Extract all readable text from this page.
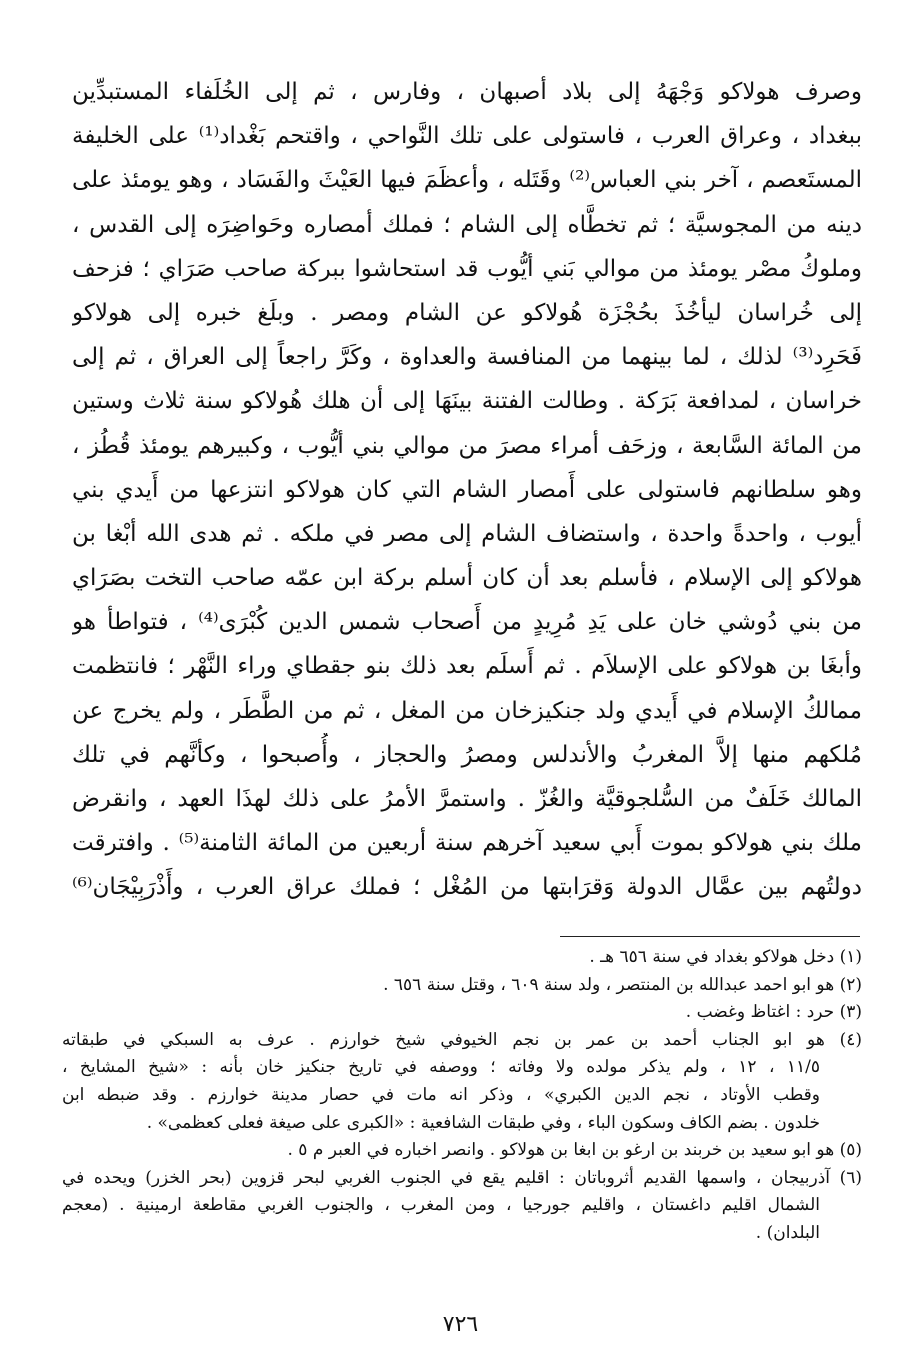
وصرف هولاكو وَجْهَهُ إلى بلاد أصبهان ، وفارس ، ثم إلى الخُلَفاء المستبدِّين
ببغداد ، وعراق العرب ، فاستولى على تلك النَّواحي ، واقتحم بَغْداد⁽¹⁾ على الخليفة
المستَعصم ، آخر بني العباس⁽²⁾ وقَتَله ، وأعظَمَ فيها العَيْثَ والفَسَاد ، وهو يومئذ على
دينه من المجوسيَّة ؛ ثم تخطَّاه إلى الشام ؛ فملك أمصاره وحَواضِرَه إلى القدس ،
وملوكُ مصْر يومئذ من موالي بَني أيُّوب قد استحاشوا ببركة صاحب صَرَاي ؛ فزحف
إلى خُراسان ليأخُذَ بحُجْزَة هُولاكو عن الشام ومصر . وبلَغ خبره إلى هولاكو
فَحَرِد⁽³⁾ لذلك ، لما بينهما من المنافسة والعداوة ، وكَرَّ راجعاً إلى العراق ، ثم إلى
خراسان ، لمدافعة بَرَكة . وطالت الفتنة بينَهَا إلى أن هلك هُولاكو سنة ثلاث وستين
من المائة السَّابعة ، وزحَف أمراء مصرَ من موالي بني أيُّوب ، وكبيرهم يومئذ قُطُز ،
وهو سلطانهم فاستولى على أَمصار الشام التي كان هولاكو انتزعها من أَيدي بني
أيوب ، واحدةً واحدة ، واستضاف الشام إلى مصر في ملكه . ثم هدى الله أبْغا بن
هولاكو إلى الإسلام ، فأسلم بعد أن كان أسلم بركة ابن عمّه صاحب التخت بصَرَاي
من بني دُوشي خان على يَدِ مُرِيدٍ من أَصحاب شمس الدين كُبْرَى⁽⁴⁾ ، فتواطأ هو
وأبغَا بن هولاكو على الإسلاَم . ثم أَسلَم بعد ذلك بنو جقطاي وراء النَّهْر ؛ فانتظمت
ممالكُ الإسلام في أَيدي ولد جنكيزخان من المغل ، ثم من الطَّطَر ، ولم يخرج عن
مُلكهم منها إلاَّ المغربُ والأندلس ومصرُ والحجاز ، وأُصبحوا ، وكأنَّهم في تلك
المالك خَلَفٌ من السُّلجوقيَّة والغُزّ . واستمرَّ الأمرُ على ذلك لهذَا العهد ، وانقرض
ملك بني هولاكو بموت أَبي سعيد آخرهم سنة أربعين من المائة الثامنة⁽⁵⁾ . وافترقت
دولتُهم بين عمَّال الدولة وَقرَابتها من المُغْل ؛ فملك عراق العرب ، وأَذْرَبِيْجَان⁽⁶⁾
(١) دخل هولاكو بغداد في سنة ٦٥٦ هـ .
(٢) هو ابو احمد عبدالله بن المنتصر ، ولد سنة ٦٠٩ ، وقتل سنة ٦٥٦ .
(٣) حرد : اغتاظ وغضب .
(٤) هو ابو الجناب أحمد بن عمر بن نجم الخيوفي شيخ خوارزم . عرف به السبكي في طبقاته
١١/٥ ، ١٢ ، ولم يذكر مولده ولا وفاته ؛ ووصفه في تاريخ جنكيز خان بأنه : «شيخ المشايخ ،
وقطب الأوتاد ، نجم الدين الكبري» ، وذكر انه مات في حصار مدينة خوارزم . وقد ضبطه ابن
خلدون . بضم الكاف وسكون الباء ، وفي طبقات الشافعية : «الكبرى على صيغة فعلى كعظمى» .
(٥) هو ابو سعيد بن خربند بن ارغو بن ابغا بن هولاكو . وانصر اخباره في العبر م ٥ .
(٦) آذربيجان ، واسمها القديم أثروباتان : اقليم يقع في الجنوب الغربي لبحر قزوين (بحر الخزر) ويحده في
الشمال اقليم داغستان ، واقليم جورجيا ، ومن المغرب ، والجنوب الغربي مقاطعة ارمينية . (معجم
البلدان) .
٧٢٦
